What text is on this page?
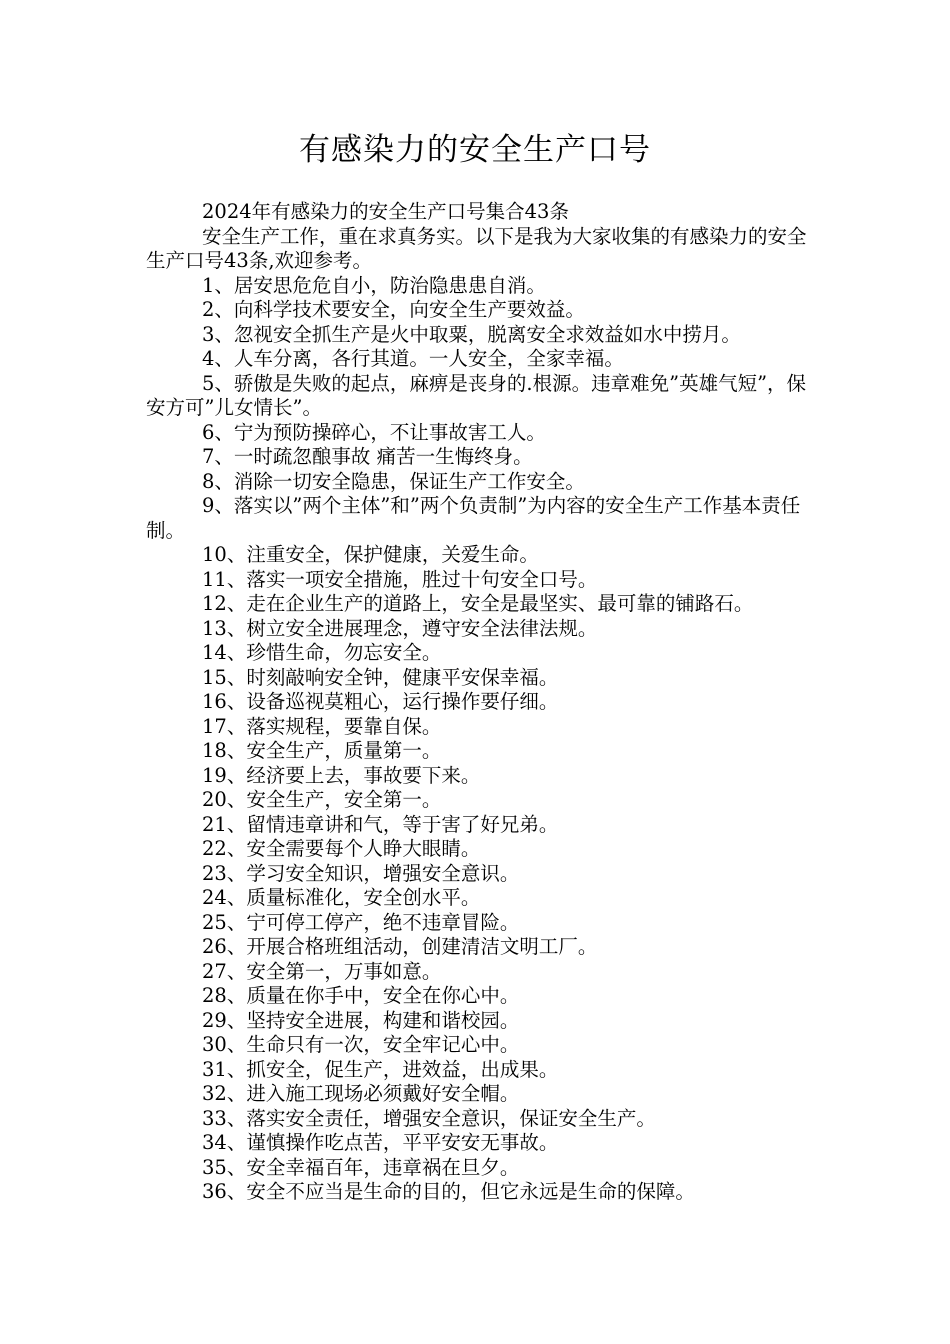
有感染力的安全生产口号

2024年有感染力的安全生产口号集合43条

安全生产工作，重在求真务实。以下是我为大家收集的有感染力的安全生产口号43条,欢迎参考。

1、居安思危危自小，防治隐患患自消。

2、向科学技术要安全，向安全生产要效益。

3、忽视安全抓生产是火中取粟，脱离安全求效益如水中捞月。

4、人车分离，各行其道。一人安全，全家幸福。

5、骄傲是失败的起点，麻痹是丧身的.根源。违章难免”英雄气短”，保安方可”儿女情长”。

6、宁为预防操碎心，不让事故害工人。

7、一时疏忽酿事故 痛苦一生悔终身。

8、消除一切安全隐患，保证生产工作安全。

9、落实以”两个主体”和”两个负责制”为内容的安全生产工作基本责任制。

10、注重安全，保护健康，关爱生命。

11、落实一项安全措施，胜过十句安全口号。

12、走在企业生产的道路上，安全是最坚实、最可靠的铺路石。

13、树立安全进展理念，遵守安全法律法规。

14、珍惜生命，勿忘安全。

15、时刻敲响安全钟，健康平安保幸福。

16、设备巡视莫粗心，运行操作要仔细。

17、落实规程，要靠自保。

18、安全生产，质量第一。

19、经济要上去，事故要下来。

20、安全生产，安全第一。

21、留情违章讲和气，等于害了好兄弟。

22、安全需要每个人睁大眼睛。

23、学习安全知识，增强安全意识。

24、质量标准化，安全创水平。

25、宁可停工停产，绝不违章冒险。

26、开展合格班组活动，创建清洁文明工厂。

27、安全第一，万事如意。

28、质量在你手中，安全在你心中。

29、坚持安全进展，构建和谐校园。

30、生命只有一次，安全牢记心中。

31、抓安全，促生产，进效益，出成果。

32、进入施工现场必须戴好安全帽。

33、落实安全责任，增强安全意识，保证安全生产。

34、谨慎操作吃点苦，平平安安无事故。

35、安全幸福百年，违章祸在旦夕。

36、安全不应当是生命的目的，但它永远是生命的保障。
